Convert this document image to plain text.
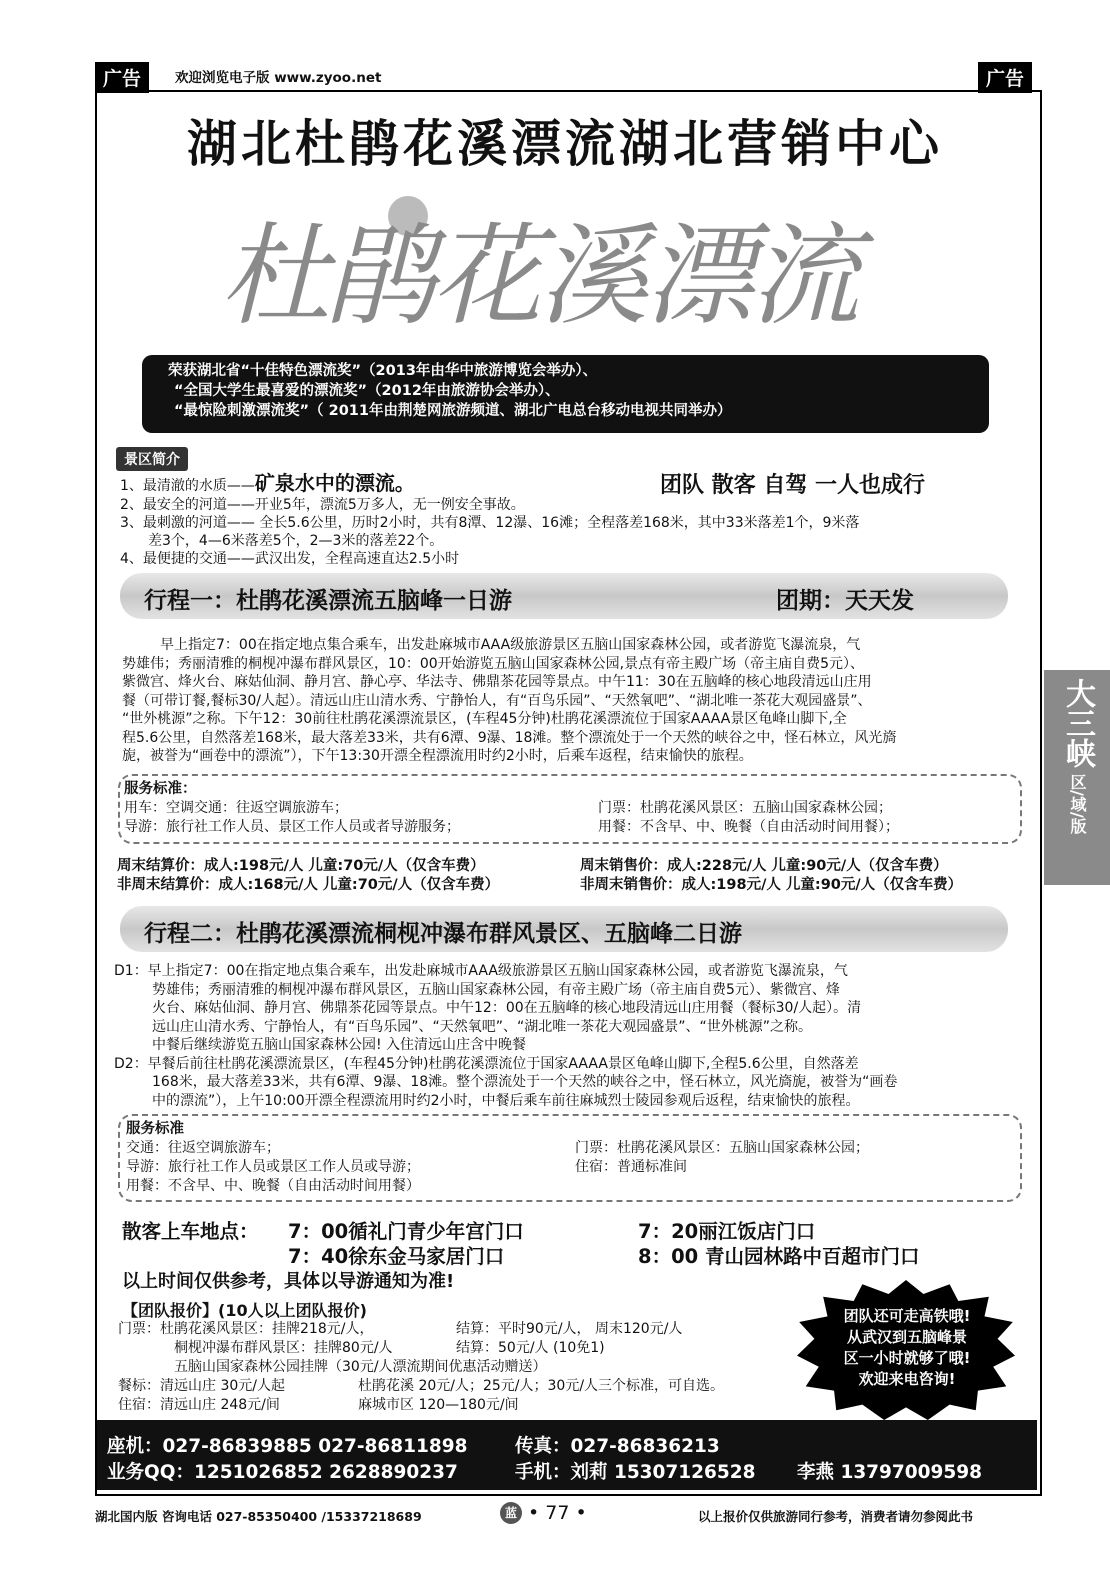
广告	欢迎浏览电子版 www.zyoo.net	广告
湖北杜鹃花溪漂流湖北营销中心
杜鹃花溪漂流
荣获湖北省“十佳特色漂流奖”（2013年由华中旅游博览会举办）、
“全国大学生最喜爱的漂流奖”（2012年由旅游协会举办）、
“最惊险刺激漂流奖”（ 2011年由荆楚网旅游频道、湖北广电总台移动电视共同举办）
景区简介
1、最清澈的水质——矿泉水中的漂流。	团队 散客 自驾 一人也成行
2、最安全的河道——开业5年，漂流5万多人，无一例安全事故。
3、最刺激的河道—— 全长5.6公里，历时2小时，共有8潭、12瀑、16滩；全程落差168米，其中33米落差1个，9米落
差3个，4—6米落差5个，2—3米的落差22个。
4、最便捷的交通——武汉出发，全程高速直达2.5小时
行程一：杜鹃花溪漂流五脑峰一日游	团期：天天发
早上指定7：00在指定地点集合乘车，出发赴麻城市AAA级旅游景区五脑山国家森林公园，或者游览飞瀑流泉，气
势雄伟；秀丽清雅的桐枧冲瀑布群风景区，10：00开始游览五脑山国家森林公园,景点有帝主殿广场（帝主庙自费5元）、
紫微宫、烽火台、麻姑仙洞、静月宫、静心亭、华法寺、佛鼎茶花园等景点。中午11：30在五脑峰的核心地段清远山庄用
餐（可带订餐,餐标30/人起）。清远山庄山清水秀、宁静怡人，有“百鸟乐园”、“天然氧吧”、“湖北唯一茶花大观园盛景”、
“世外桃源”之称。下午12：30前往杜鹃花溪漂流景区，(车程45分钟)杜鹃花溪漂流位于国家AAAA景区龟峰山脚下,全
程5.6公里，自然落差168米，最大落差33米，共有6潭、9瀑、18滩。整个漂流处于一个天然的峡谷之中，怪石林立，风光旖
旎，被誉为“画卷中的漂流”），下午13:30开漂全程漂流用时约2小时，后乘车返程，结束愉快的旅程。
服务标准：
用车：空调交通：往返空调旅游车；	门票：杜鹃花溪风景区：五脑山国家森林公园；
导游：旅行社工作人员、景区工作人员或者导游服务；	用餐：不含早、中、晚餐（自由活动时间用餐）；
周末结算价：成人:198元/人 儿童:70元/人（仅含车费）	周末销售价：成人:228元/人 儿童:90元/人（仅含车费）
非周末结算价：成人:168元/人 儿童:70元/人（仅含车费）	非周末销售价：成人:198元/人 儿童:90元/人（仅含车费）
行程二：杜鹃花溪漂流桐枧冲瀑布群风景区、五脑峰二日游
D1：早上指定7：00在指定地点集合乘车，出发赴麻城市AAA级旅游景区五脑山国家森林公园，或者游览飞瀑流泉，气
势雄伟；秀丽清雅的桐枧冲瀑布群风景区，五脑山国家森林公园，有帝主殿广场（帝主庙自费5元）、紫微宫、烽
火台、麻姑仙洞、静月宫、佛鼎茶花园等景点。中午12：00在五脑峰的核心地段清远山庄用餐（餐标30/人起）。清
远山庄山清水秀、宁静怡人，有“百鸟乐园”、“天然氧吧”、“湖北唯一茶花大观园盛景”、“世外桃源”之称。
中餐后继续游览五脑山国家森林公园! 入住清远山庄含中晚餐
D2：早餐后前往杜鹃花溪漂流景区，(车程45分钟)杜鹃花溪漂流位于国家AAAA景区龟峰山脚下,全程5.6公里，自然落差
168米，最大落差33米，共有6潭、9瀑、18滩。整个漂流处于一个天然的峡谷之中，怪石林立，风光旖旎，被誉为“画卷
中的漂流”），上午10:00开漂全程漂流用时约2小时，中餐后乘车前往麻城烈士陵园参观后返程，结束愉快的旅程。
服务标准
交通：往返空调旅游车；	门票：杜鹃花溪风景区：五脑山国家森林公园；
导游：旅行社工作人员或景区工作人员或导游；	住宿：普通标准间
用餐：不含早、中、晚餐（自由活动时间用餐）
散客上车地点： 7：00循礼门青少年宫门口	7：20丽江饭店门口
7：40徐东金马家居门口	8：00 青山园林路中百超市门口
以上时间仅供参考，具体以导游通知为准!
【团队报价】(10人以上团队报价)
门票：杜鹃花溪风景区：挂牌218元/人，	结算：平时90元/人， 周末120元/人
桐枧冲瀑布群风景区：挂牌80元/人	结算：50元/人 (10免1)
五脑山国家森林公园挂牌（30元/人漂流期间优惠活动赠送）
餐标：清远山庄 30元/人起	杜鹃花溪 20元/人；25元/人；30元/人三个标准，可自选。
住宿：清远山庄 248元/间	麻城市区 120—180元/间
团队还可走高铁哦!
从武汉到五脑峰景
区一小时就够了哦!
欢迎来电咨询!
座机：027-86839885 027-86811898	传真：027-86836213
业务QQ：1251026852 2628890237	手机：刘莉 15307126528 李燕 13797009598
大三峡
区/域/版
湖北国内版 咨询电话 027-85350400 /15337218689	蓝 • 77 •	以上报价仅供旅游同行参考，消费者请勿参阅此书
